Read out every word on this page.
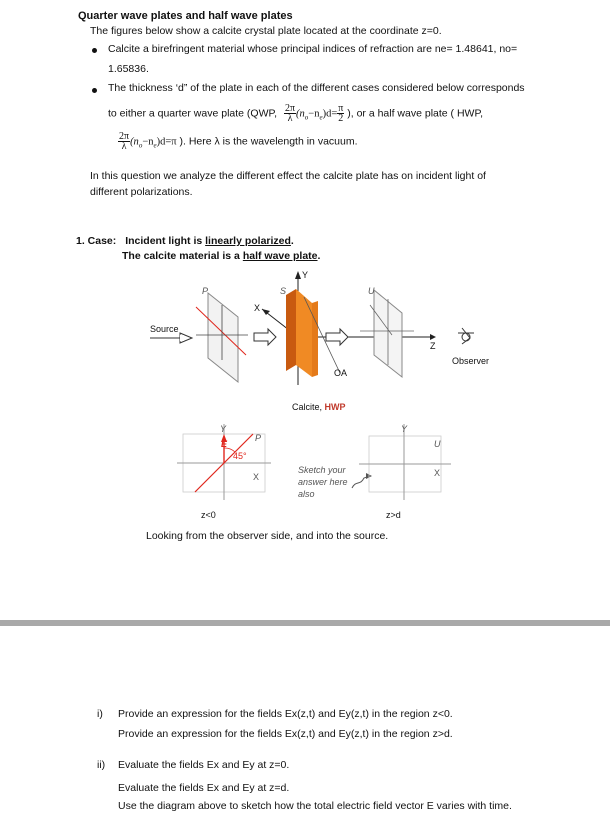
Quarter wave plates and half wave plates
The figures below show a calcite crystal plate located at the coordinate z=0.
Calcite a birefringent material whose principal indices of refraction are ne= 1.48641, no=
1.65836.
The thickness ‘d” of the plate in each of the different cases considered below corresponds
to either a quarter wave plate (QWP, $\frac{2\pi}{\lambda} (n_o-n_e)d= \frac{\pi}{2}$ ), or a half wave plate ( HWP,
$\frac{2\pi}{\lambda} (n_o-n_e)d=\pi$ ). Here λ is the wavelength in vacuum.
In this question we analyze the different effect the calcite plate has on incident light of
different polarizations.
1. Case: Incident light is linearly polarized.
The calcite material is a half wave plate.
Source
P
X
Y
S	U
Z
OA
Observer
Calcite, HWP
Y
E
45°
P
X
Sketch your
answer here
also
Y
U
X
z<0	z>d
Looking from the observer side, and into the source.
i) Provide an expression for the fields Ex(z,t) and Ey(z,t) in the region z<0.
Provide an expression for the fields Ex(z,t) and Ey(z,t) in the region z>d.
ii) Evaluate the fields Ex and Ey at z=0.
Evaluate the fields Ex and Ey at z=d.
Use the diagram above to sketch how the total electric field vector E varies with time.
